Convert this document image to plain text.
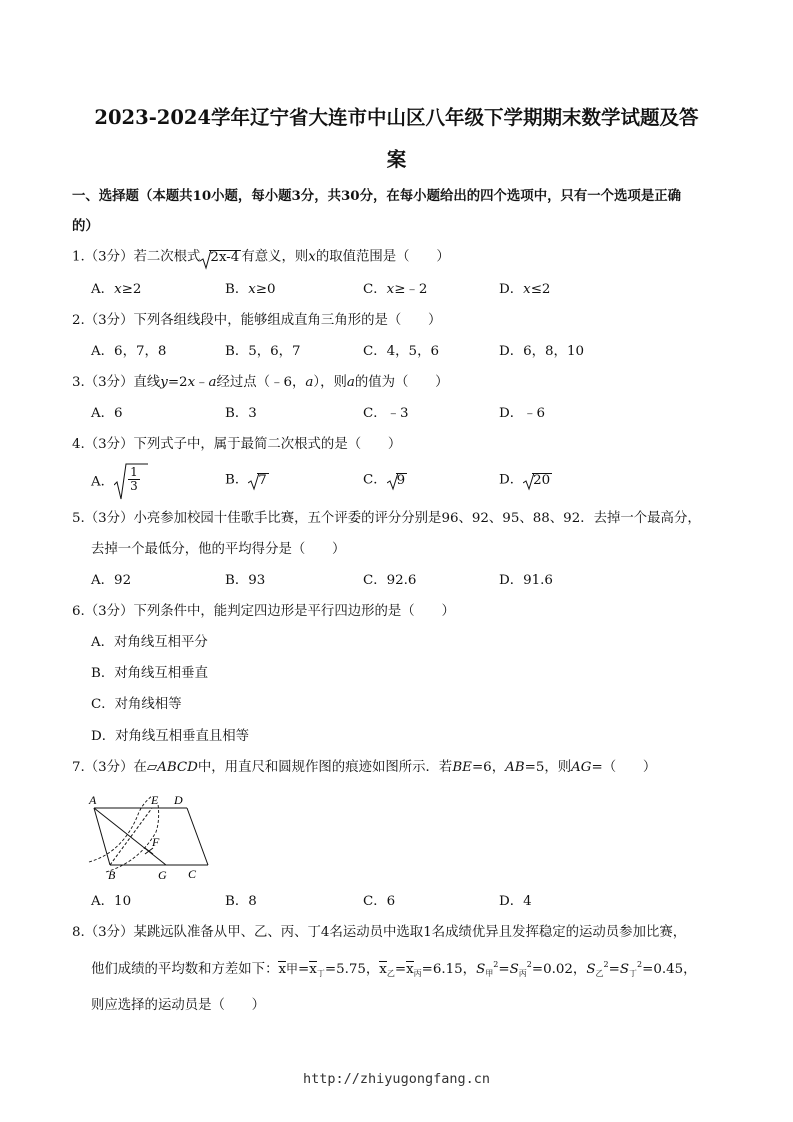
2023-2024学年辽宁省大连市中山区八年级下学期期末数学试题及答
案
一、选择题（本题共10小题，每小题3分，共30分，在每小题给出的四个选项中，只有一个选项是正确
的）
1.（3分）若二次根式 2x-4 有意义，则x的取值范围是（　　）
A．x≥2	B．x≥0	C．x≥﹣2	D．x≤2
2.（3分）下列各组线段中，能够组成直角三角形的是（　　）
A．6，7，8	B．5，6，7	C．4，5，6	D．6，8，10
3.（3分）直线y=2x﹣a经过点（﹣6，a），则a的值为（　　）
A．6	B．3	C．﹣3	D．﹣6
4.（3分）下列式子中，属于最简二次根式的是（　　）
A． $\frac{1}{3}$	B． 7	C． 9	D． 20
5.（3分）小亮参加校园十佳歌手比赛，五个评委的评分分别是96、92、95、88、92．去掉一个最高分，
去掉一个最低分，他的平均得分是（　　）
A．92	B．93	C．92.6	D．91.6
6.（3分）下列条件中，能判定四边形是平行四边形的是（　　）
A．对角线互相平分
B．对角线互相垂直
C．对角线相等
D．对角线互相垂直且相等
7.（3分）在▱ABCD中，用直尺和圆规作图的痕迹如图所示．若BE=6，AB=5，则AG=（　　）
A	E D
F
B	G C
A．10	B．8	C．6	D．4
8.（3分）某跳远队准备从甲、乙、丙、丁4名运动员中选取1名成绩优异且发挥稳定的运动员参加比赛，
他们成绩的平均数和方差如下：x甲$=x_丁=5.75$，$x_乙=x_丙=6.15$，$S_甲^2=S_丙^2=0.02$，$S_乙^2=S_丁^2=0.45$，
则应选择的运动员是（　　）
http://zhiyugongfang.cn
